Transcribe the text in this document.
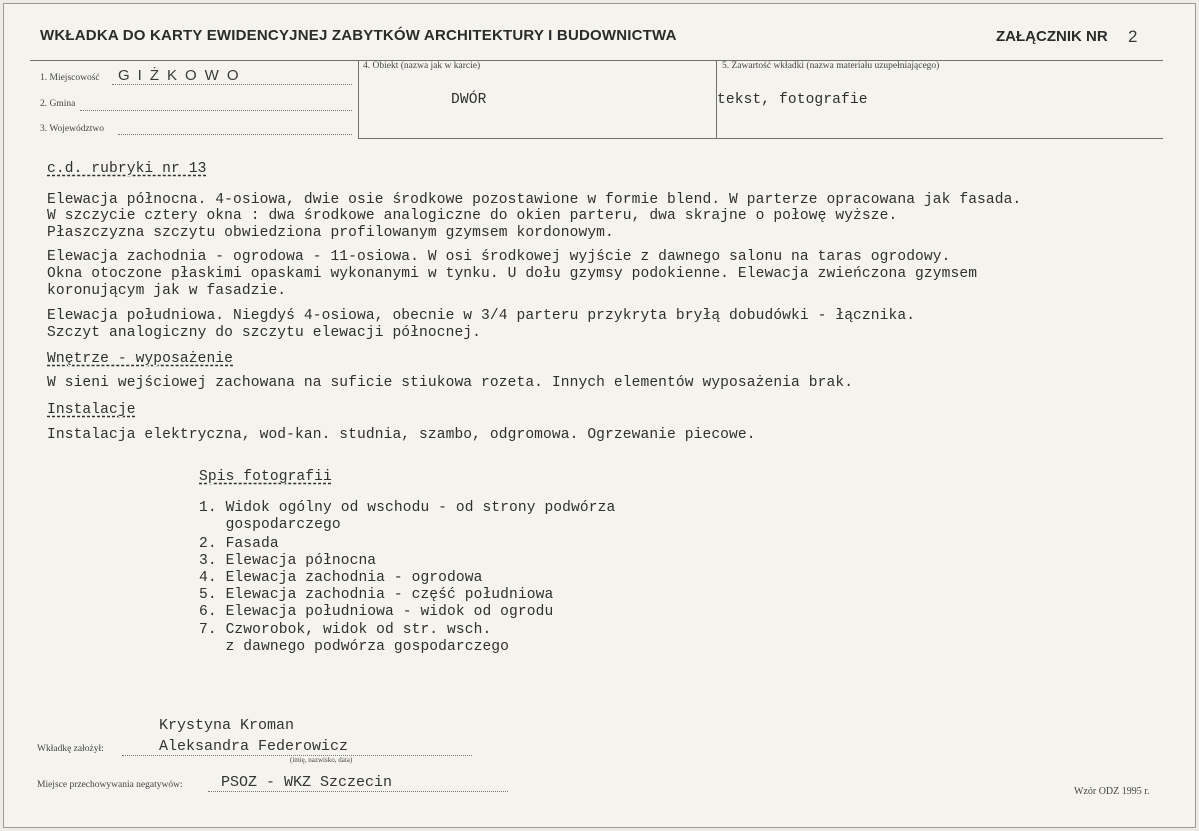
WKŁADKA DO KARTY EWIDENCYJNEJ ZABYTKÓW ARCHITEKTURY I BUDOWNICTWA	ZAŁĄCZNIK NR 2
1. Miejscowość GIŻKOWO
2. Gmina
3. Województwo
4. Obiekt (nazwa jak w karcie)
DWÓR
5. Zawartość wkładki (nazwa materiału uzupełniającego)
tekst, fotografie
c.d. rubryki nr 13
Elewacja północna. 4-osiowa, dwie osie środkowe pozostawione w formie blend. W parterze opracowana jak fasada.
W szczycie cztery okna : dwa środkowe analogiczne do okien parteru, dwa skrajne o połowę wyższe.
Płaszczyzna szczytu obwiedziona profilowanym gzymsem kordonowym.
Elewacja zachodnia - ogrodowa - 11-osiowa. W osi środkowej wyjście z dawnego salonu na taras ogrodowy.
Okna otoczone płaskimi opaskami wykonanymi w tynku. U dołu gzymsy podokienne. Elewacja zwieńczona gzymsem
koronującym jak w fasadzie.
Elewacja południowa. Niegdyś 4-osiowa, obecnie w 3/4 parteru przykryta bryłą dobudówki - łącznika.
Szczyt analogiczny do szczytu elewacji północnej.
Wnętrze - wyposażenie
W sieni wejściowej zachowana na suficie stiukowa rozeta. Innych elementów wyposażenia brak.
Instalacje
Instalacja elektryczna, wod-kan. studnia, szambo, odgromowa. Ogrzewanie piecowe.
Spis fotografii
1. Widok ogólny od wschodu - od strony podwórza
gospodarczego
2. Fasada
3. Elewacja północna
4. Elewacja zachodnia - ogrodowa
5. Elewacja zachodnia - część południowa
6. Elewacja południowa - widok od ogrodu
7. Czworobok, widok od str. wsch.
z dawnego podwórza gospodarczego
Krystyna Kroman
Aleksandra Federowicz
Wkładkę założył:
(imię, nazwisko, data)
Miejsce przechowywania negatywów:	PSOZ - WKZ Szczecin
Wzór ODZ 1995 r.
